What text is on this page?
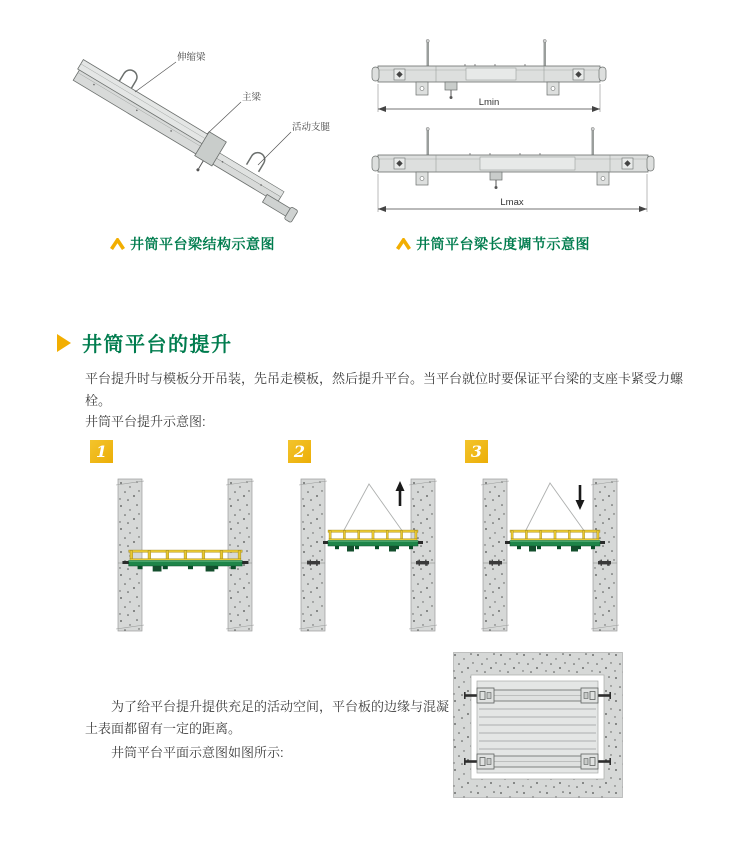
伸缩梁
主梁
活动支腿
Lmin
Lmax
井筒平台梁结构示意图	井筒平台梁长度调节示意图
井筒平台的提升

平台提升时与模板分开吊装，先吊走模板，然后提升平台。当平台就位时要保证平台梁的支座卡紧受力螺栓。

井筒平台提升示意图:

1	2	3

为了给平台提升提供充足的活动空间，平台板的边缘与混凝土表面都留有一定的距离。

井筒平台平面示意图如图所示:
